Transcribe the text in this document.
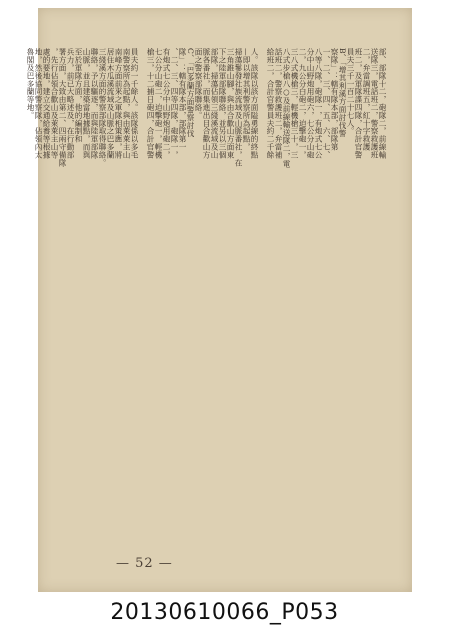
部、部隊十二，砲隊二，前線輸
送隊三，電話班二，警察救護班
二，弁當調班五，紅十字救護
班二，及軍隊諜四隊，合計官警
員夫三千一百二十七人。
B、「增其利溪方面討伐警
察隊」：轄有隊本部，部隊第
一、二、三、四、五、六、七、
八等八隊，砲隊一，有炮式七公
分中山野炮用砲六，七公分山砲
二，九公分白砲二，迫擊砲一，
三八式機槍三，輕機槍三十，三
八式步槍八○及前線輸送隊二，電
話班二，警察救護班二，弁當補
給班二，合計官警員夫約二千餘
人。該隊以該方面隘勇線的終點
—即以增其利警察所為起點，
掃蕩鬖發社族流域及山脈番社，在
三角錐山腳，與由合歡山方面東
下之陸軍部隊聯絡，並另以三個
部隊，掃蕩佔領三綫溪流域及山
脈各番社，而集進出目合歡山方
面之警察部隊聯絡。
C、「巴多蘭方面警察討伐
隊」：轄有隊本部，部隊第一
、二、三、四等四隊，砲隊一，
有炮式七公分中山野炮用砲二，
七公分山砲二，迫擊砲一，輕機
槍三，十二捕日砲四，合計官警
員夫約一千餘人。該隊係以多毛
南警察所為起點，與由萊萊主山
南峰方面前來之軍隊相策應，將
居住木瓜溪流域及山脈之巴多蘭
三綫溪方面的警察部隊取得聯絡。
聯絡，予以驅逐，而與陸軍部隊
山脈，並且建築當地據點，而與
至於軍隊方面，他的編制和
兵力，前已大略述及，在行動部
署方面，大致由第二、四兩守備隊
，先行佔領合歡山及萊萊主山等
處的要地，建立交通給養等根據
地，然後協同警察隊，佔領內太
魯閣及巴多蘭等地。
— 52 —
20130610066_P053
